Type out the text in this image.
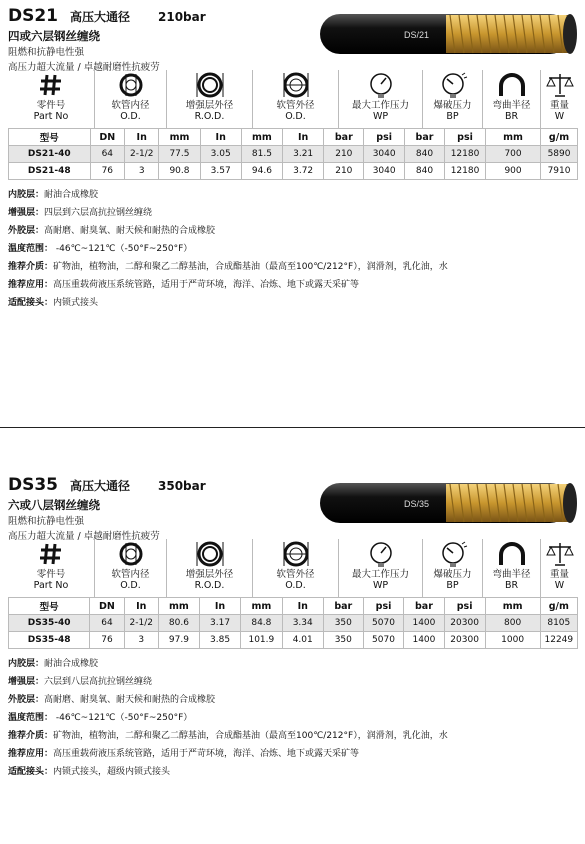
DS21 高压大通径 210bar
四或六层钢丝缠绕
阻燃和抗静电性强
高压力超大流量 / 卓越耐磨性抗疲劳
DS/21
零件号
Part No
软管内径
O.D.
增强层外径
R.O.D.
软管外径
O.D.
最大工作压力
WP
爆破压力
BP
弯曲半径
BR
重量
W
型号	DN	In	mm	In	mm	In	bar	psi	bar	psi	mm	g/m
DS21-40	64	2-1/2	77.5	3.05	81.5	3.21	210	3040	840	12180	700	5890
DS21-48	76	3	90.8	3.57	94.6	3.72	210	3040	840	12180	900	7910
内胶层：耐油合成橡胶
增强层：四层到六层高抗拉钢丝缠绕
外胶层：高耐磨、耐臭氧、耐天候和耐热的合成橡胶
温度范围： -46℃~121℃（-50°F~250°F）
推荐介质：矿物油，植物油，二醇和聚乙二醇基油，合成酯基油（最高至100℃/212°F），润滑剂，乳化油，水
推荐应用：高压重载荷液压系统管路，适用于严苛环境，海洋、冶炼、地下或露天采矿等
适配接头：内锁式接头
DS35 高压大通径 350bar
六或八层钢丝缠绕
阻燃和抗静电性强
高压力超大流量 / 卓越耐磨性抗疲劳
DS/35
零件号
Part No
软管内径
O.D.
增强层外径
R.O.D.
软管外径
O.D.
最大工作压力
WP
爆破压力
BP
弯曲半径
BR
重量
W
型号	DN	In	mm	In	mm	In	bar	psi	bar	psi	mm	g/m
DS35-40	64	2-1/2	80.6	3.17	84.8	3.34	350	5070	1400	20300	800	8105
DS35-48	76	3	97.9	3.85	101.9	4.01	350	5070	1400	20300	1000	12249
内胶层：耐油合成橡胶
增强层：六层到八层高抗拉钢丝缠绕
外胶层：高耐磨、耐臭氧、耐天候和耐热的合成橡胶
温度范围： -46℃~121℃（-50°F~250°F）
推荐介质：矿物油，植物油，二醇和聚乙二醇基油，合成酯基油（最高至100℃/212°F），润滑剂，乳化油，水
推荐应用：高压重载荷液压系统管路，适用于严苛环境，海洋、冶炼、地下或露天采矿等
适配接头：内锁式接头，超级内锁式接头
